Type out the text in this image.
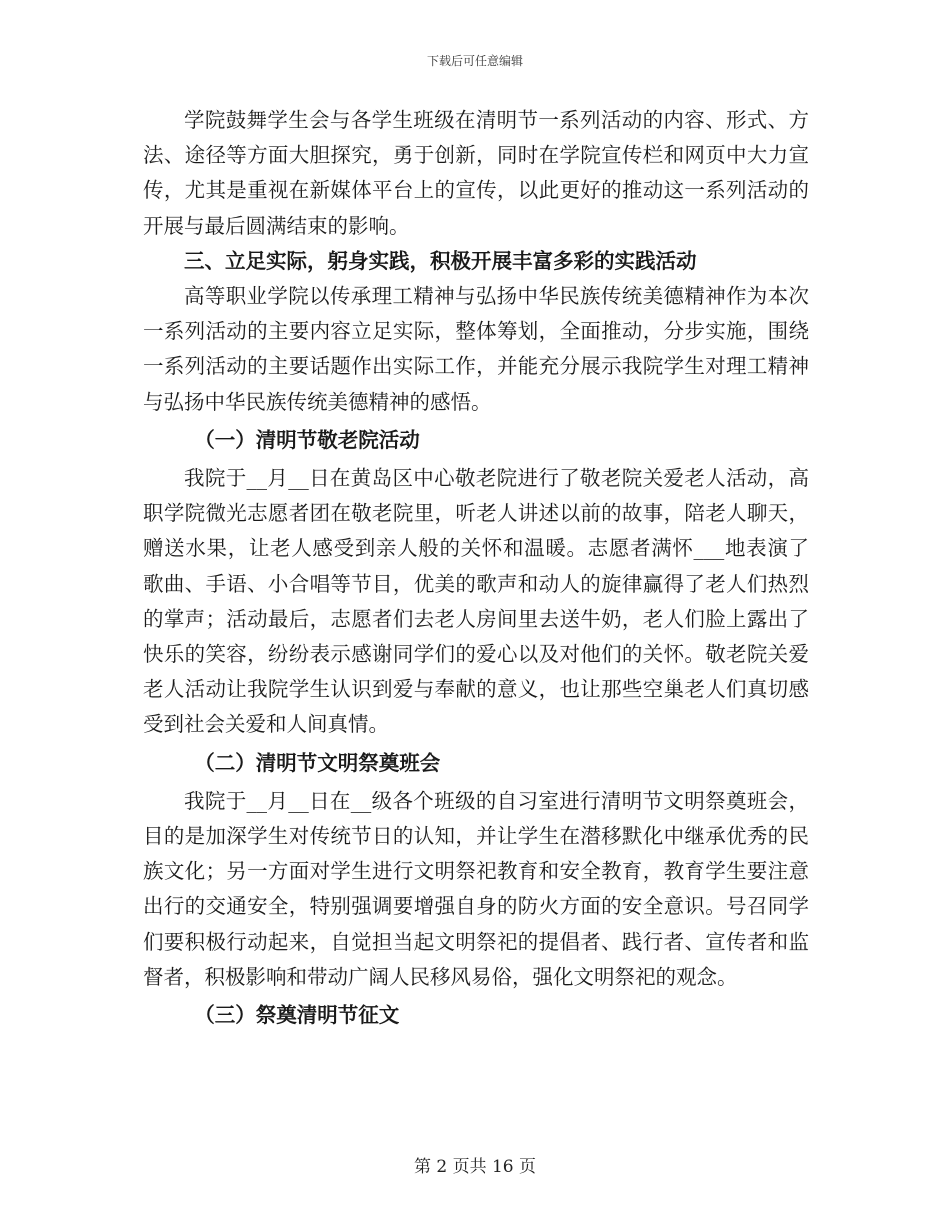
下载后可任意编辑

学院鼓舞学生会与各学生班级在清明节一系列活动的内容、形式、方法、途径等方面大胆探究，勇于创新，同时在学院宣传栏和网页中大力宣传，尤其是重视在新媒体平台上的宣传，以此更好的推动这一系列活动的开展与最后圆满结束的影响。

三、立足实际，躬身实践，积极开展丰富多彩的实践活动

高等职业学院以传承理工精神与弘扬中华民族传统美德精神作为本次一系列活动的主要内容立足实际，整体筹划，全面推动，分步实施，围绕一系列活动的主要话题作出实际工作，并能充分展示我院学生对理工精神与弘扬中华民族传统美德精神的感悟。

（一）清明节敬老院活动

我院于__月__日在黄岛区中心敬老院进行了敬老院关爱老人活动，高职学院微光志愿者团在敬老院里，听老人讲述以前的故事，陪老人聊天，赠送水果，让老人感受到亲人般的关怀和温暖。志愿者满怀___地表演了歌曲、手语、小合唱等节目，优美的歌声和动人的旋律赢得了老人们热烈的掌声；活动最后，志愿者们去老人房间里去送牛奶，老人们脸上露出了快乐的笑容，纷纷表示感谢同学们的爱心以及对他们的关怀。敬老院关爱老人活动让我院学生认识到爱与奉献的意义，也让那些空巢老人们真切感受到社会关爱和人间真情。

（二）清明节文明祭奠班会

我院于__月__日在__级各个班级的自习室进行清明节文明祭奠班会，目的是加深学生对传统节日的认知，并让学生在潜移默化中继承优秀的民族文化；另一方面对学生进行文明祭祀教育和安全教育，教育学生要注意出行的交通安全，特别强调要增强自身的防火方面的安全意识。号召同学们要积极行动起来，自觉担当起文明祭祀的提倡者、践行者、宣传者和监督者，积极影响和带动广阔人民移风易俗，强化文明祭祀的观念。

（三）祭奠清明节征文
第 2 页共 16 页
